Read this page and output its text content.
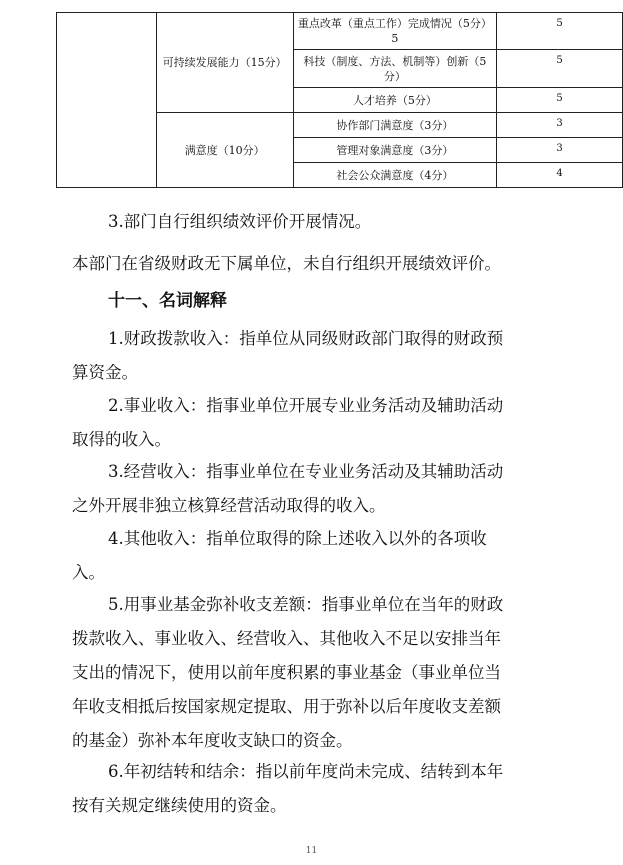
	可持续发展能力（15分）	重点改革（重点工作）完成情况（5分）5	5
		科技（制度、方法、机制等）创新（5分）	5
		人才培养（5分）	5
	满意度（10分）	协作部门满意度（3分）	3
		管理对象满意度（3分）	3
		社会公众满意度（4分）	4

3.部门自行组织绩效评价开展情况。

本部门在省级财政无下属单位，未自行组织开展绩效评价。

十一、名词解释
1.财政拨款收入：指单位从同级财政部门取得的财政预
算资金。
2.事业收入：指事业单位开展专业业务活动及辅助活动
取得的收入。
3.经营收入：指事业单位在专业业务活动及其辅助活动
之外开展非独立核算经营活动取得的收入。
4.其他收入：指单位取得的除上述收入以外的各项收
入。
5.用事业基金弥补收支差额：指事业单位在当年的财政
拨款收入、事业收入、经营收入、其他收入不足以安排当年
支出的情况下，使用以前年度积累的事业基金（事业单位当
年收支相抵后按国家规定提取、用于弥补以后年度收支差额
的基金）弥补本年度收支缺口的资金。
6.年初结转和结余：指以前年度尚未完成、结转到本年
按有关规定继续使用的资金。
11
